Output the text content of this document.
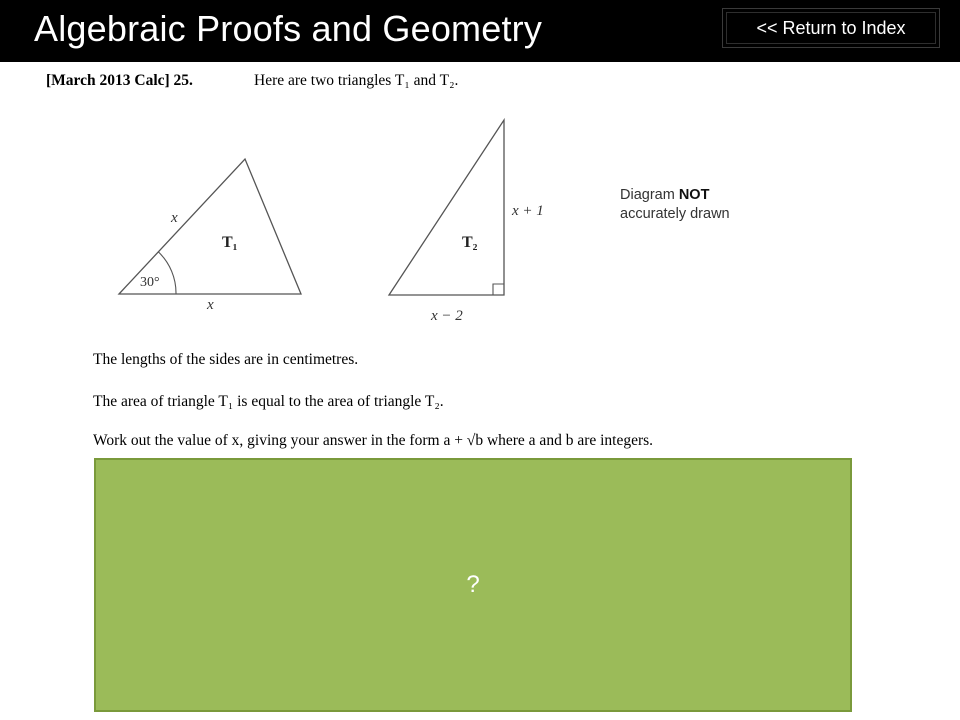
Algebraic Proofs and Geometry	<< Return to Index
[March 2013 Calc] 25.	Here are two triangles T₁ and T₂.
30°
x
x
T₁
x + 1
x − 2
T₂
Diagram NOT
accurately drawn
The lengths of the sides are in centimetres.
The area of triangle T₁ is equal to the area of triangle T₂.
Work out the value of x, giving your answer in the form a + √b where a and b are integers.
?
